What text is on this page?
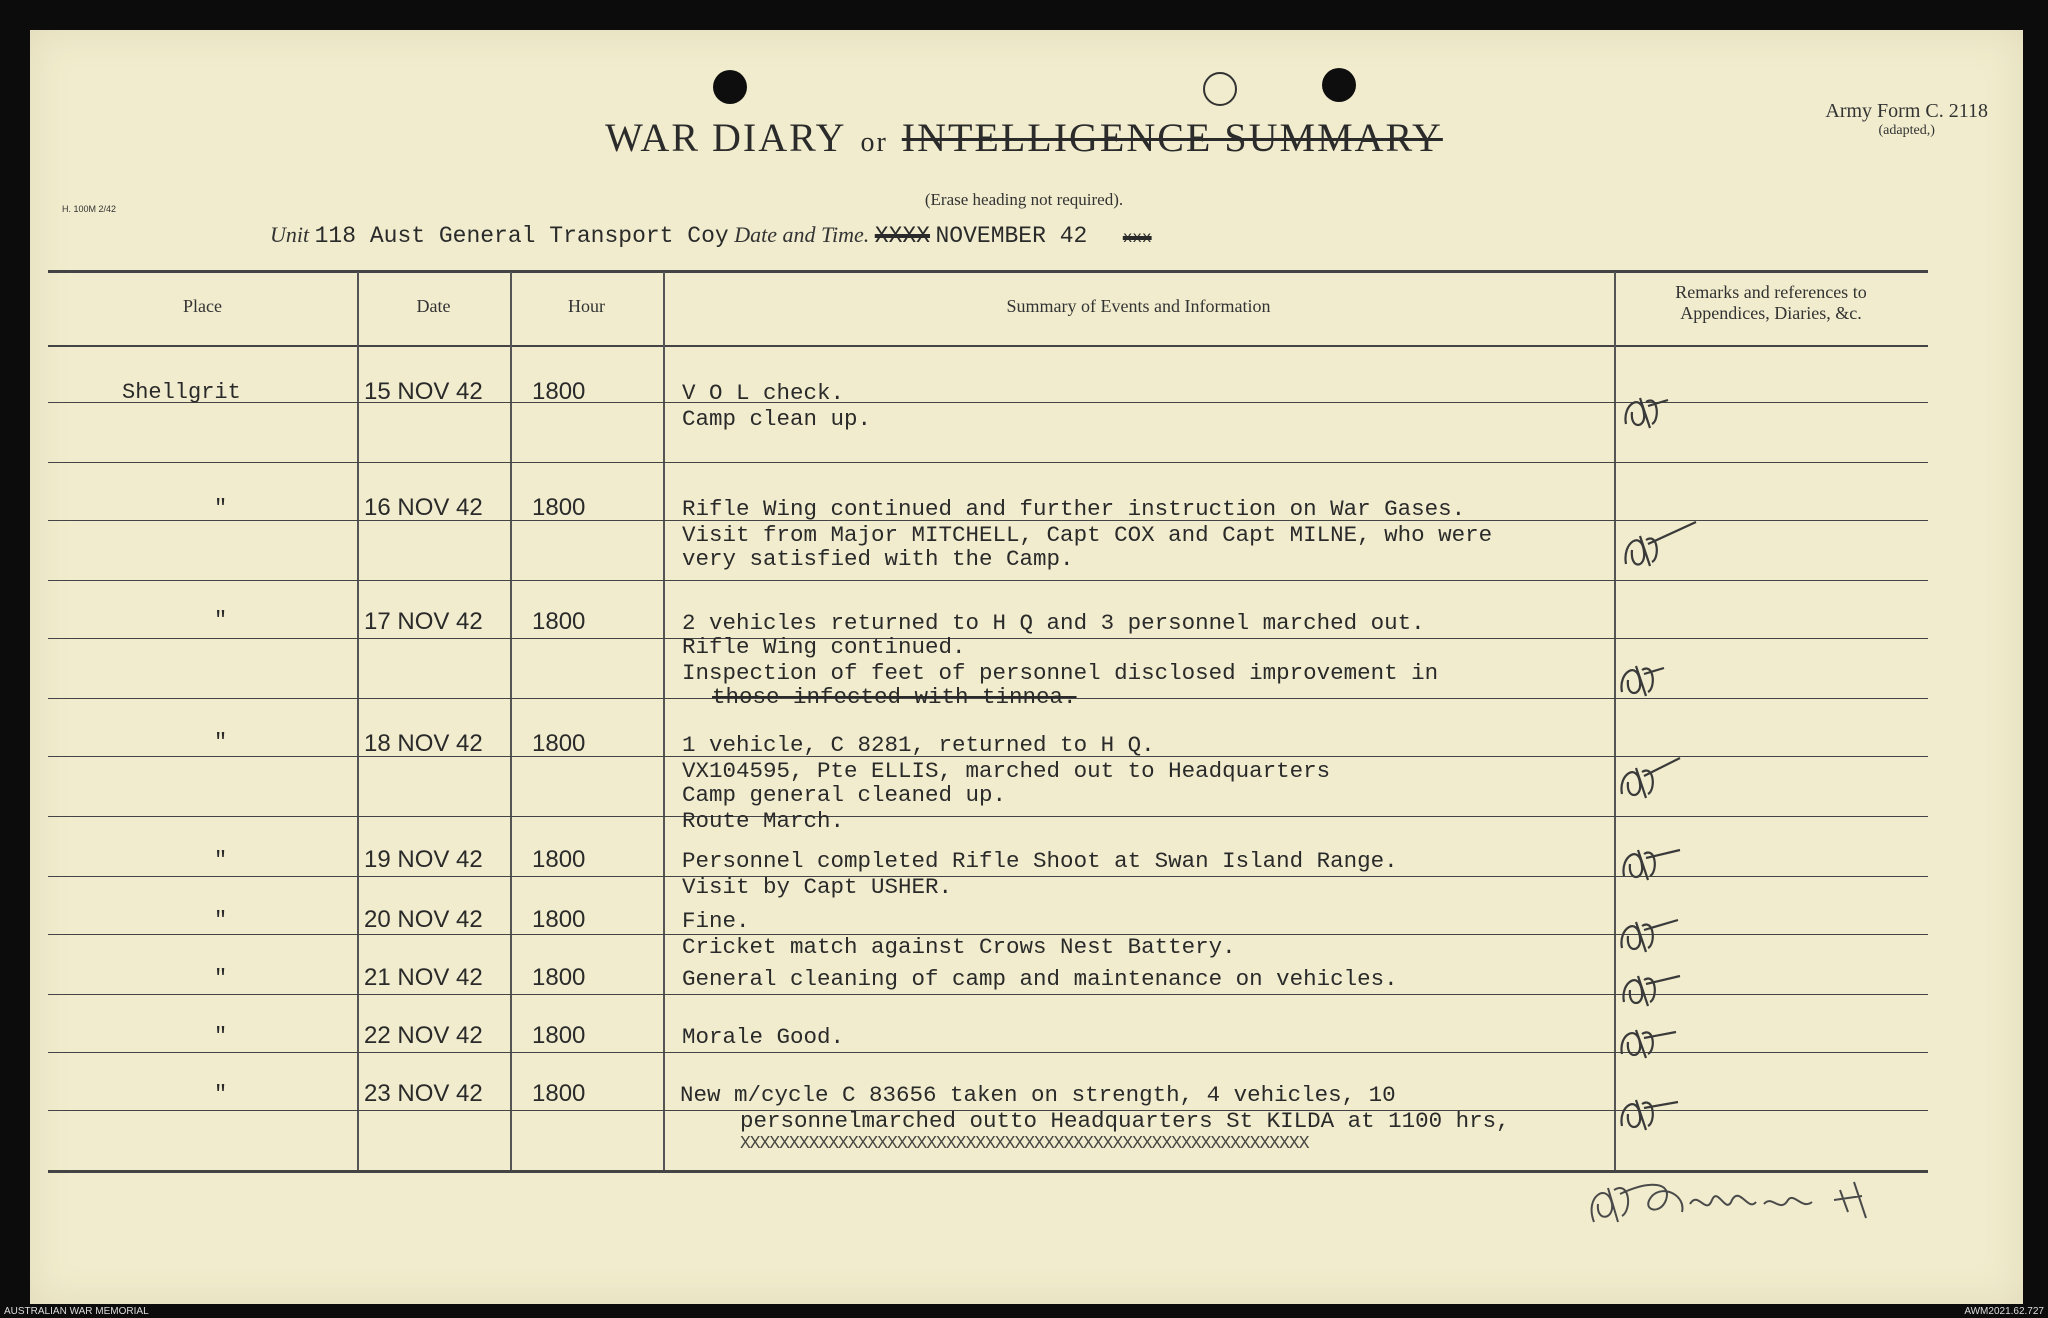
WAR DIARY or INTELLIGENCE SUMMARY
(Erase heading not required).
Army Form C. 2118
(adapted,)
H. 100M 2/42
Unit 118 Aust General Transport Coy Date and Time. XXXX NOVEMBER 42 xxx
Place	Date	Hour	Summary of Events and Information
Remarks and references to
Appendices, Diaries, &c.
Shellgrit	15 NOV 42 1800	V O L check.
Camp clean up.
"	16 NOV 42 1800	Rifle Wing continued and further instruction on War Gases.
Visit from Major MITCHELL, Capt COX and Capt MILNE, who were
very satisfied with the Camp.
"	17 NOV 42 1800	2 vehicles returned to H Q and 3 personnel marched out.
Rifle Wing continued.
Inspection of feet of personnel disclosed improvement in
those infected with tinnea.
"	18 NOV 42 1800	1 vehicle, C 8281, returned to H Q.
VX104595, Pte ELLIS, marched out to Headquarters
Camp general cleaned up.
Route March.
"	19 NOV 42 1800	Personnel completed Rifle Shoot at Swan Island Range.
Visit by Capt USHER.
"	20 NOV 42 1800	Fine.
Cricket match against Crows Nest Battery.
"	21 NOV 42 1800	General cleaning of camp and maintenance on vehicles.
"	22 NOV 42 1800	Morale Good.
"	23 NOV 42 1800	New m/cycle C 83656 taken on strength, 4 vehicles, 10
personnelmarched outto Headquarters St KILDA at 1100 hrs,
XXXXXXXXXXXXXXXXXXXXXXXXXXXXXXXXXXXXXXXXXXXXXXXXXXXXXXXXXX
AUSTRALIAN WAR MEMORIAL	AWM2021.62.727
